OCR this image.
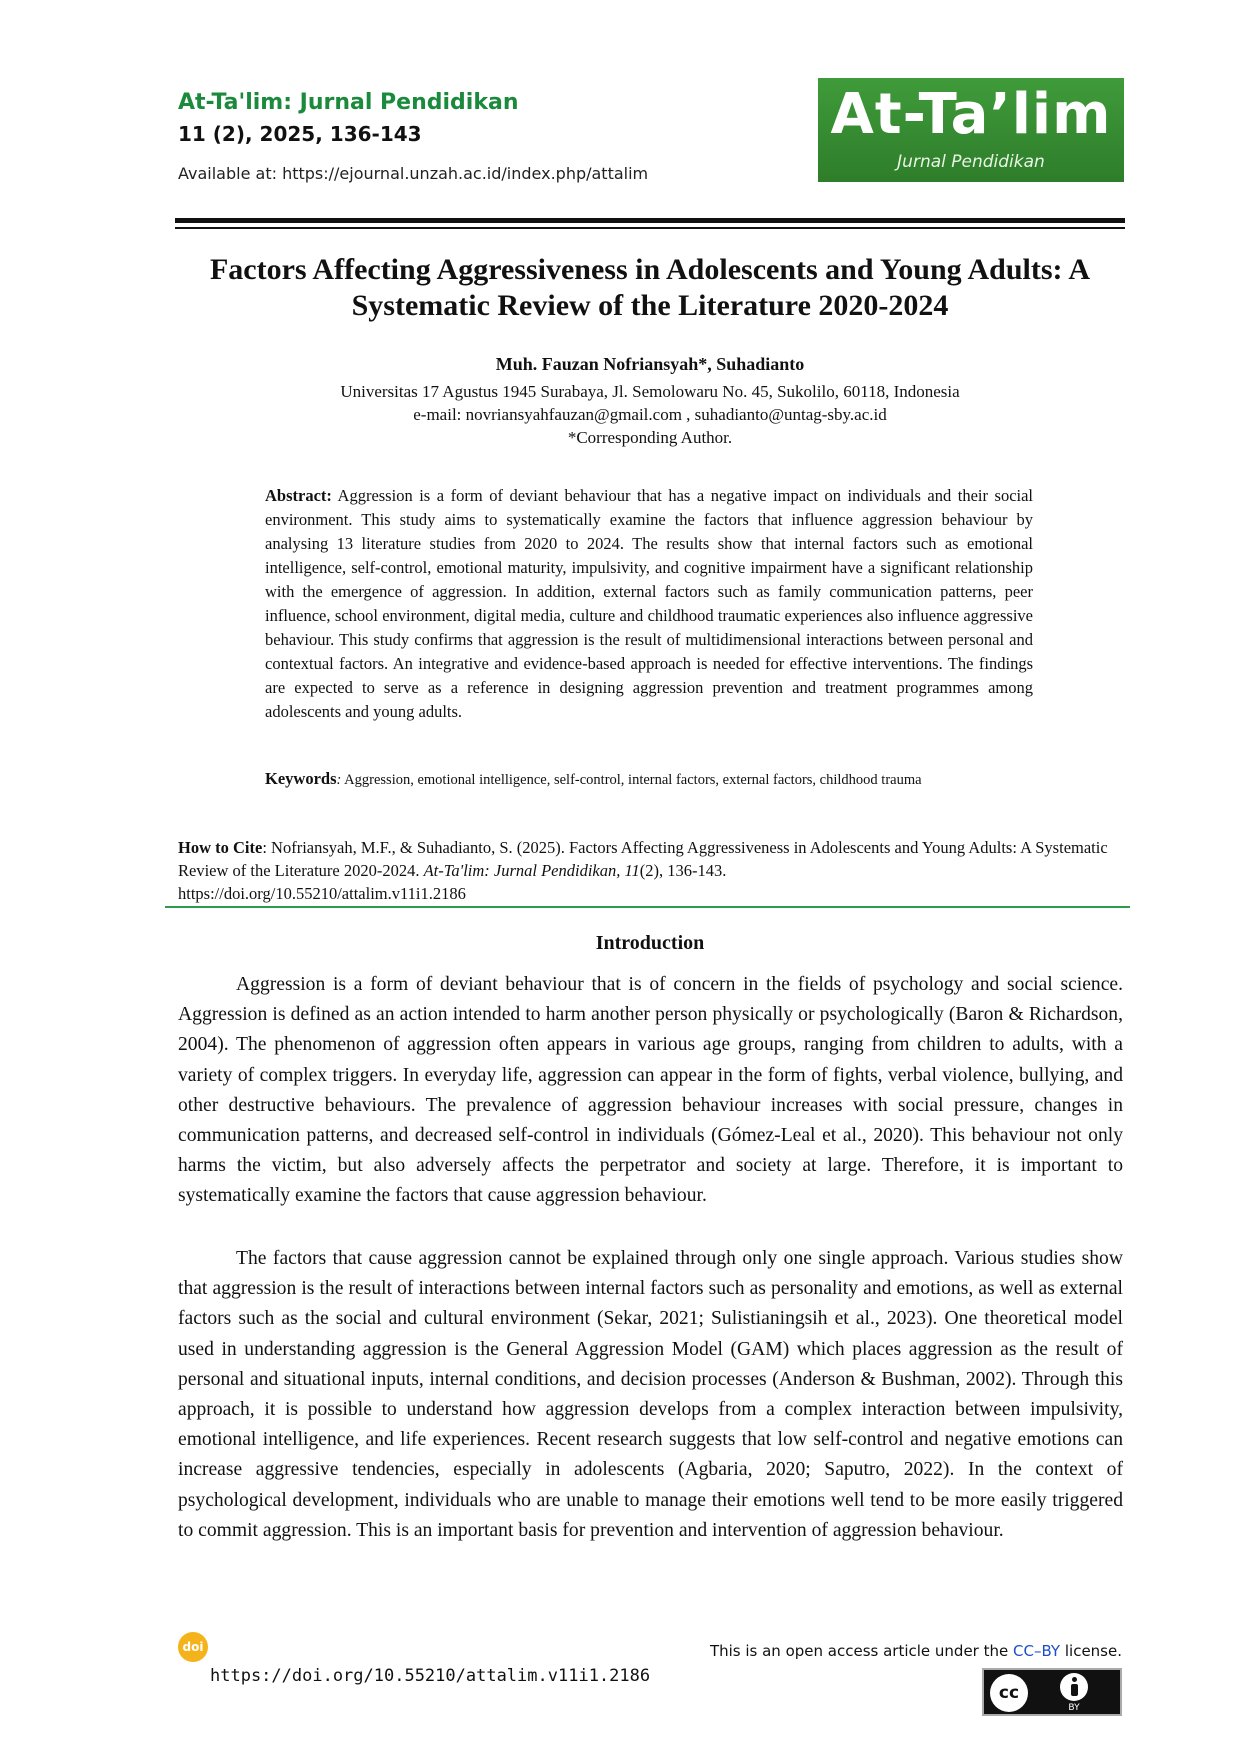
At-Ta'lim: Jurnal Pendidikan
11 (2), 2025, 136-143
Available at: https://ejournal.unzah.ac.id/index.php/attalim
At-Ta’lim
Jurnal Pendidikan
Factors Affecting Aggressiveness in Adolescents and Young Adults: A Systematic Review of the Literature 2020-2024
Muh. Fauzan Nofriansyah*, Suhadianto
Universitas 17 Agustus 1945 Surabaya, Jl. Semolowaru No. 45, Sukolilo, 60118, Indonesia
e-mail: novriansyahfauzan@gmail.com , suhadianto@untag-sby.ac.id
*Corresponding Author.
Abstract: Aggression is a form of deviant behaviour that has a negative impact on individuals and their social environment. This study aims to systematically examine the factors that influence aggression behaviour by analysing 13 literature studies from 2020 to 2024. The results show that internal factors such as emotional intelligence, self-control, emotional maturity, impulsivity, and cognitive impairment have a significant relationship with the emergence of aggression. In addition, external factors such as family communication patterns, peer influence, school environment, digital media, culture and childhood traumatic experiences also influence aggressive behaviour. This study confirms that aggression is the result of multidimensional interactions between personal and contextual factors. An integrative and evidence-based approach is needed for effective interventions. The findings are expected to serve as a reference in designing aggression prevention and treatment programmes among adolescents and young adults.
Keywords: Aggression, emotional intelligence, self-control, internal factors, external factors, childhood trauma
How to Cite: Nofriansyah, M.F., & Suhadianto, S. (2025). Factors Affecting Aggressiveness in Adolescents and Young Adults: A Systematic Review of the Literature 2020-2024. At-Ta'lim: Jurnal Pendidikan, 11(2), 136-143.
https://doi.org/10.55210/attalim.v11i1.2186
Introduction
Aggression is a form of deviant behaviour that is of concern in the fields of psychology and social science. Aggression is defined as an action intended to harm another person physically or psychologically (Baron & Richardson, 2004). The phenomenon of aggression often appears in various age groups, ranging from children to adults, with a variety of complex triggers. In everyday life, aggression can appear in the form of fights, verbal violence, bullying, and other destructive behaviours. The prevalence of aggression behaviour increases with social pressure, changes in communication patterns, and decreased self-control in individuals (Gómez-Leal et al., 2020). This behaviour not only harms the victim, but also adversely affects the perpetrator and society at large. Therefore, it is important to systematically examine the factors that cause aggression behaviour.
The factors that cause aggression cannot be explained through only one single approach. Various studies show that aggression is the result of interactions between internal factors such as personality and emotions, as well as external factors such as the social and cultural environment (Sekar, 2021; Sulistianingsih et al., 2023). One theoretical model used in understanding aggression is the General Aggression Model (GAM) which places aggression as the result of personal and situational inputs, internal conditions, and decision processes (Anderson & Bushman, 2002). Through this approach, it is possible to understand how aggression develops from a complex interaction between impulsivity, emotional intelligence, and life experiences. Recent research suggests that low self-control and negative emotions can increase aggressive tendencies, especially in adolescents (Agbaria, 2020; Saputro, 2022). In the context of psychological development, individuals who are unable to manage their emotions well tend to be more easily triggered to commit aggression. This is an important basis for prevention and intervention of aggression behaviour.
This is an open access article under the CC–BY license.
doi
https://doi.org/10.55210/attalim.v11i1.2186
cc
BY
